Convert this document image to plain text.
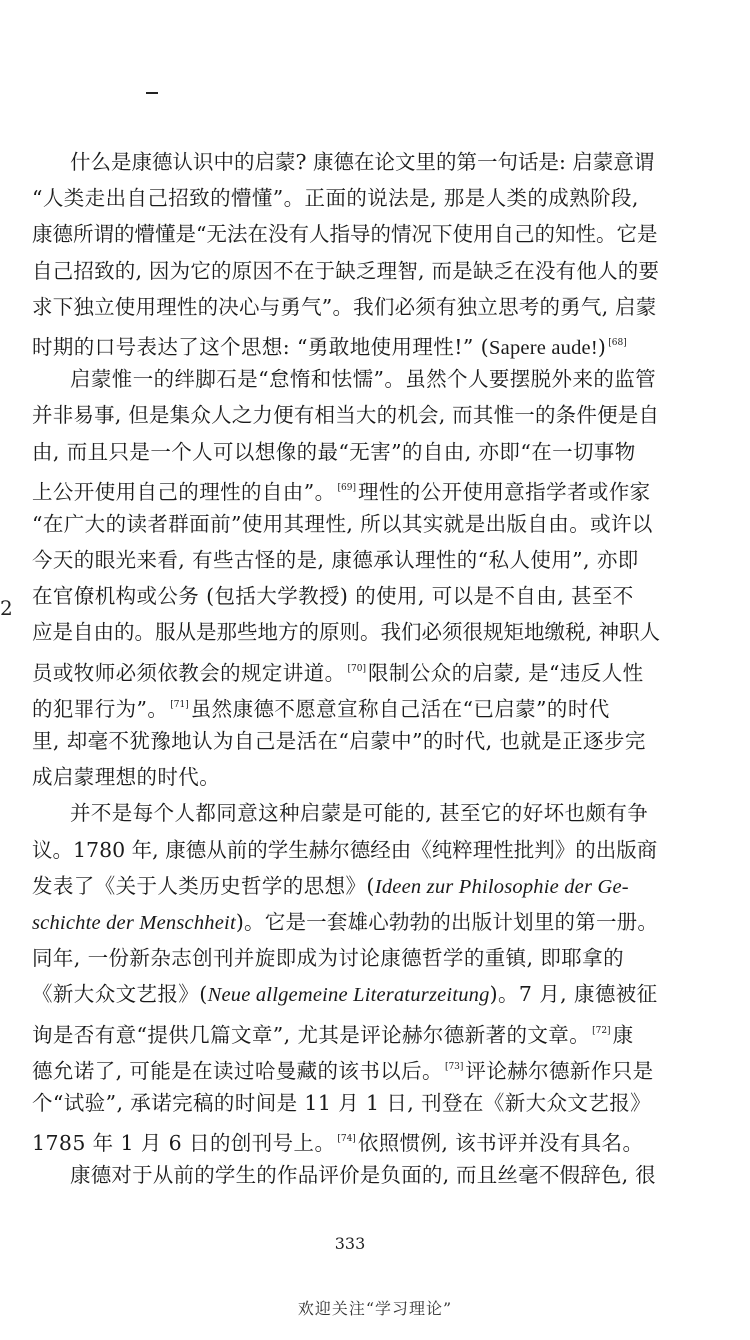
2
什么是康德认识中的启蒙? 康德在论文里的第一句话是: 启蒙意谓
“人类走出自己招致的懵懂”。正面的说法是, 那是人类的成熟阶段,
康德所谓的懵懂是“无法在没有人指导的情况下使用自己的知性。它是
自己招致的, 因为它的原因不在于缺乏理智, 而是缺乏在没有他人的要
求下独立使用理性的决心与勇气”。我们必须有独立思考的勇气, 启蒙
时期的口号表达了这个思想: “勇敢地使用理性!” (Sapere aude!) [68]
启蒙惟一的绊脚石是“怠惰和怯懦”。虽然个人要摆脱外来的监管
并非易事, 但是集众人之力便有相当大的机会, 而其惟一的条件便是自
由, 而且只是一个人可以想像的最“无害”的自由, 亦即“在一切事物
上公开使用自己的理性的自由”。 [69]理性的公开使用意指学者或作家
“在广大的读者群面前”使用其理性, 所以其实就是出版自由。或许以
今天的眼光来看, 有些古怪的是, 康德承认理性的“私人使用”, 亦即
在官僚机构或公务 (包括大学教授) 的使用, 可以是不自由, 甚至不
应是自由的。服从是那些地方的原则。我们必须很规矩地缴税, 神职人
员或牧师必须依教会的规定讲道。 [70]限制公众的启蒙, 是“违反人性
的犯罪行为”。 [71]虽然康德不愿意宣称自己活在“已启蒙”的时代
里, 却毫不犹豫地认为自己是活在“启蒙中”的时代, 也就是正逐步完
成启蒙理想的时代。
并不是每个人都同意这种启蒙是可能的, 甚至它的好坏也颇有争
议。1780 年, 康德从前的学生赫尔德经由《纯粹理性批判》的出版商
发表了《关于人类历史哲学的思想》(Ideen zur Philosophie der Ge-
schichte der Menschheit)。它是一套雄心勃勃的出版计划里的第一册。
同年, 一份新杂志创刊并旋即成为讨论康德哲学的重镇, 即耶拿的
《新大众文艺报》(Neue allgemeine Literaturzeitung)。7 月, 康德被征
询是否有意“提供几篇文章”, 尤其是评论赫尔德新著的文章。 [72]康
德允诺了, 可能是在读过哈曼藏的该书以后。 [73]评论赫尔德新作只是
个“试验”, 承诺完稿的时间是 11 月 1 日, 刊登在《新大众文艺报》
1785 年 1 月 6 日的创刊号上。 [74]依照惯例, 该书评并没有具名。
康德对于从前的学生的作品评价是负面的, 而且丝毫不假辞色, 很
333
欢迎关注“学习理论”
